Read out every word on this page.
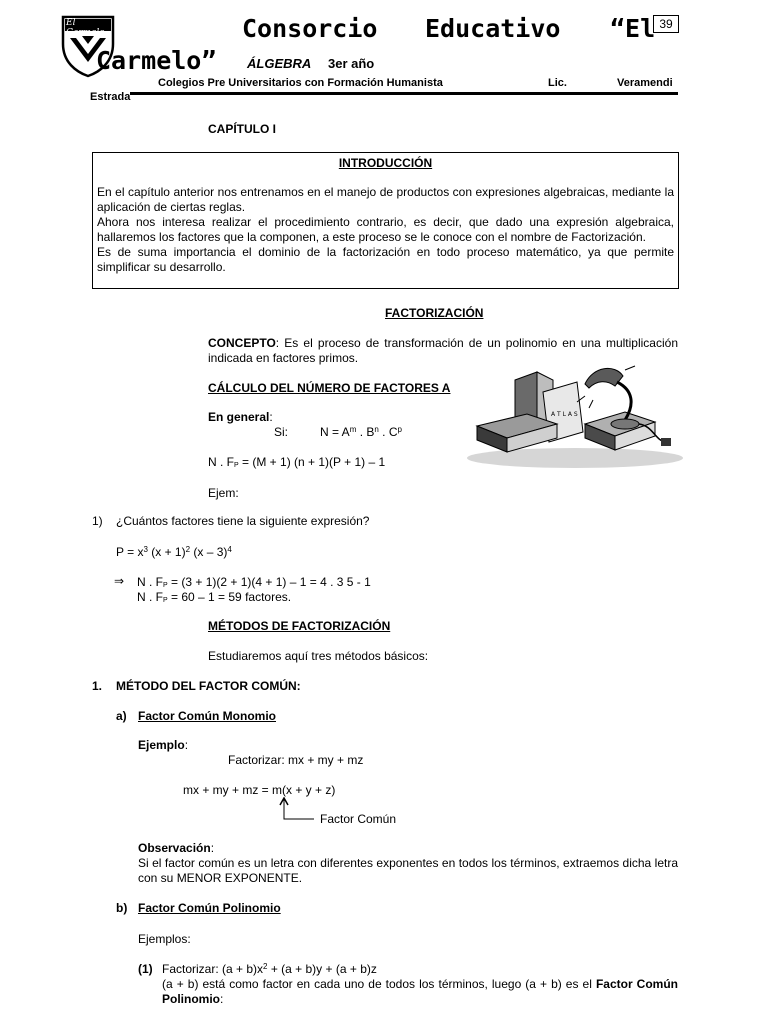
El Carmelo	Consorcio Educativo “El
Carmelo” ÁLGEBRA 3er año
39
Colegios Pre Universitarios con Formación Humanista	Lic.	Veramendi
Estrada
CAPÍTULO I
INTRODUCCIÓN
En el capítulo anterior nos entrenamos en el manejo de productos con expresiones algebraicas, mediante la aplicación de ciertas reglas.
Ahora nos interesa realizar el procedimiento contrario, es decir, que dado una expresión algebraica, hallaremos los factores que la componen, a este proceso se le conoce con el nombre de Factorización.
Es de suma importancia el dominio de la factorización en todo proceso matemático, ya que permite simplificar su desarrollo.
FACTORIZACIÓN
CONCEPTO: Es el proceso de transformación de un polinomio en una multiplicación indicada en factores primos.
CÁLCULO DEL NÚMERO DE FACTORES A
A T L A S
En general:
Si:	$N = A^m$ . $B^n$ . $C^p$
N . FP = (M + 1) (n + 1)(P + 1) – 1
Ejem:
1) ¿Cuántos factores tiene la siguiente expresión?
$P = x^3$ $(x + 1)^2$ (x – 3)$^4$
⇒ N . FP = (3 + 1)(2 + 1)(4 + 1) – 1 = 4 . 3 5 - 1
N . FP = 60 – 1 = 59 factores.
MÉTODOS DE FACTORIZACIÓN
Estudiaremos aquí tres métodos básicos:
1. MÉTODO DEL FACTOR COMÚN:
a) Factor Común Monomio
Ejemplo:
Factorizar: mx + my + mz
mx + my + mz = m(x + y + z)
Factor Común
Observación:
Si el factor común es un letra con diferentes exponentes en todos los términos, extraemos dicha letra con su MENOR EXPONENTE.
b) Factor Común Polinomio
Ejemplos:
(1) Factorizar: $(a + b)x^2 + (a + b)y + (a + b)z$
(a + b) está como factor en cada uno de todos los términos, luego (a + b) es el Factor Común Polinomio:
